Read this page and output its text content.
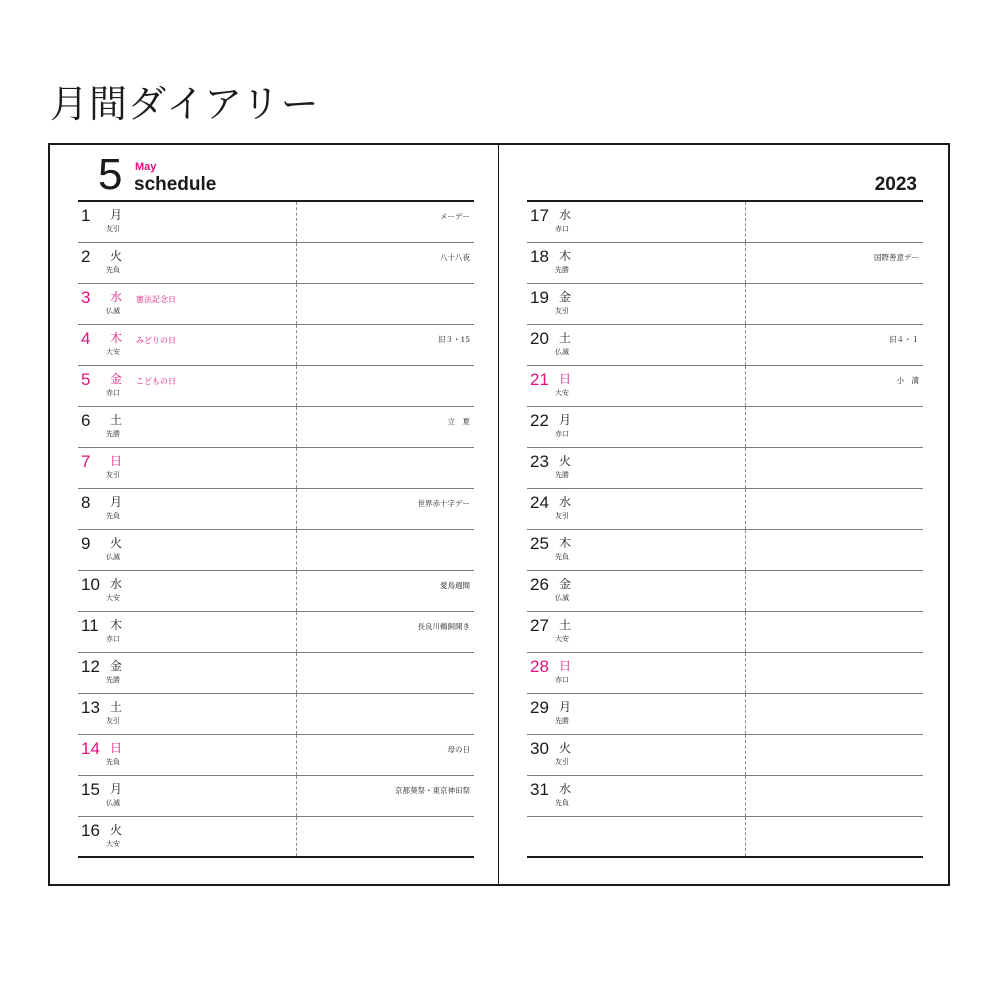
月間ダイアリー
5 May
schedule	2023
1 月
友引
メーデー
2 火
先負
八十八夜
3 水
仏滅
憲法記念日
4 木
大安
みどりの日	旧３・15
5 金
赤口
こどもの日
6 土
先勝
立　夏
7 日
友引
8 月
先負
世界赤十字デー
9 火
仏滅
10 水
大安
愛鳥週間
11 木
赤口
長良川鵜飼開き
12 金
先勝
13 土
友引
14 日
先負
母の日
15 月
仏滅
京都葵祭・東京神田祭
16 火
大安
17 水
赤口
18 木
先勝
国際善意デー
19 金
友引
20 土
仏滅
旧４・１
21 日
大安
小　満
22 月
赤口
23 火
先勝
24 水
友引
25 木
先負
26 金
仏滅
27 土
大安
28 日
赤口
29 月
先勝
30 火
友引
31 水
先負
